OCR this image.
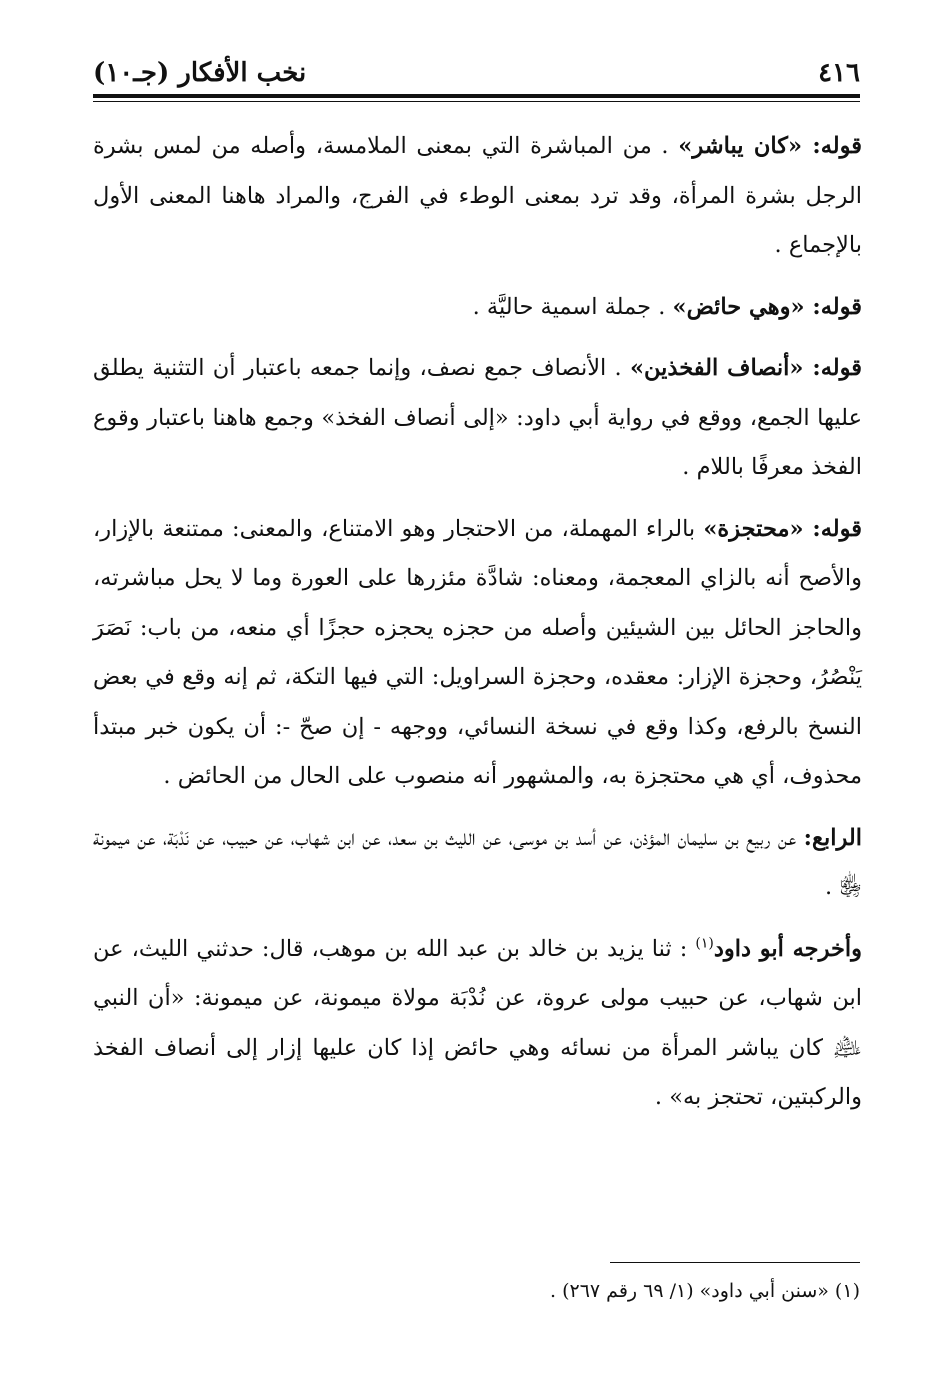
٤١٦
نخب الأفكار (جـ١٠)

قوله: «كان يباشر» . من المباشرة التي بمعنى الملامسة، وأصله من لمس بشرة الرجل بشرة المرأة، وقد ترد بمعنى الوطء في الفرج، والمراد هاهنا المعنى الأول بالإجماع .

قوله: «وهي حائض» . جملة اسمية حاليَّة .

قوله: «أنصاف الفخذين» . الأنصاف جمع نصف، وإنما جمعه باعتبار أن التثنية يطلق عليها الجمع، ووقع في رواية أبي داود: «إلى أنصاف الفخذ» وجمع هاهنا باعتبار وقوع الفخذ معرفًا باللام .

قوله: «محتجزة» بالراء المهملة، من الاحتجار وهو الامتناع، والمعنى: ممتنعة بالإزار، والأصح أنه بالزاي المعجمة، ومعناه: شادَّة مئزرها على العورة وما لا يحل مباشرته، والحاجز الحائل بين الشيئين وأصله من حجزه يحجزه حجزًا أي منعه، من باب: نَصَرَ يَنْصُرُ، وحجزة الإزار: معقده، وحجزة السراويل: التي فيها التكة، ثم إنه وقع في بعض النسخ بالرفع، وكذا وقع في نسخة النسائي، ووجهه - إن صحّ -: أن يكون خبر مبتدأ محذوف، أي هي محتجزة به، والمشهور أنه منصوب على الحال من الحائض .

الرابع: عن ربيع بن سليمان المؤذن، عن أسد بن موسى، عن الليث بن سعد، عن ابن شهاب، عن حبيب، عن نَدْبَة، عن ميمونة ﵂ .

وأخرجه أبو داود$^{(١)}$ : ثنا يزيد بن خالد بن عبد الله بن موهب، قال: حدثني الليث، عن ابن شهاب، عن حبيب مولى عروة، عن نُدْبَة مولاة ميمونة، عن ميمونة: «أن النبي ﵇ كان يباشر المرأة من نسائه وهي حائض إذا كان عليها إزار إلى أنصاف الفخذ والركبتين، تحتجز به» .

(١) «سنن أبي داود» (١/ ٦٩ رقم ٢٦٧) .
